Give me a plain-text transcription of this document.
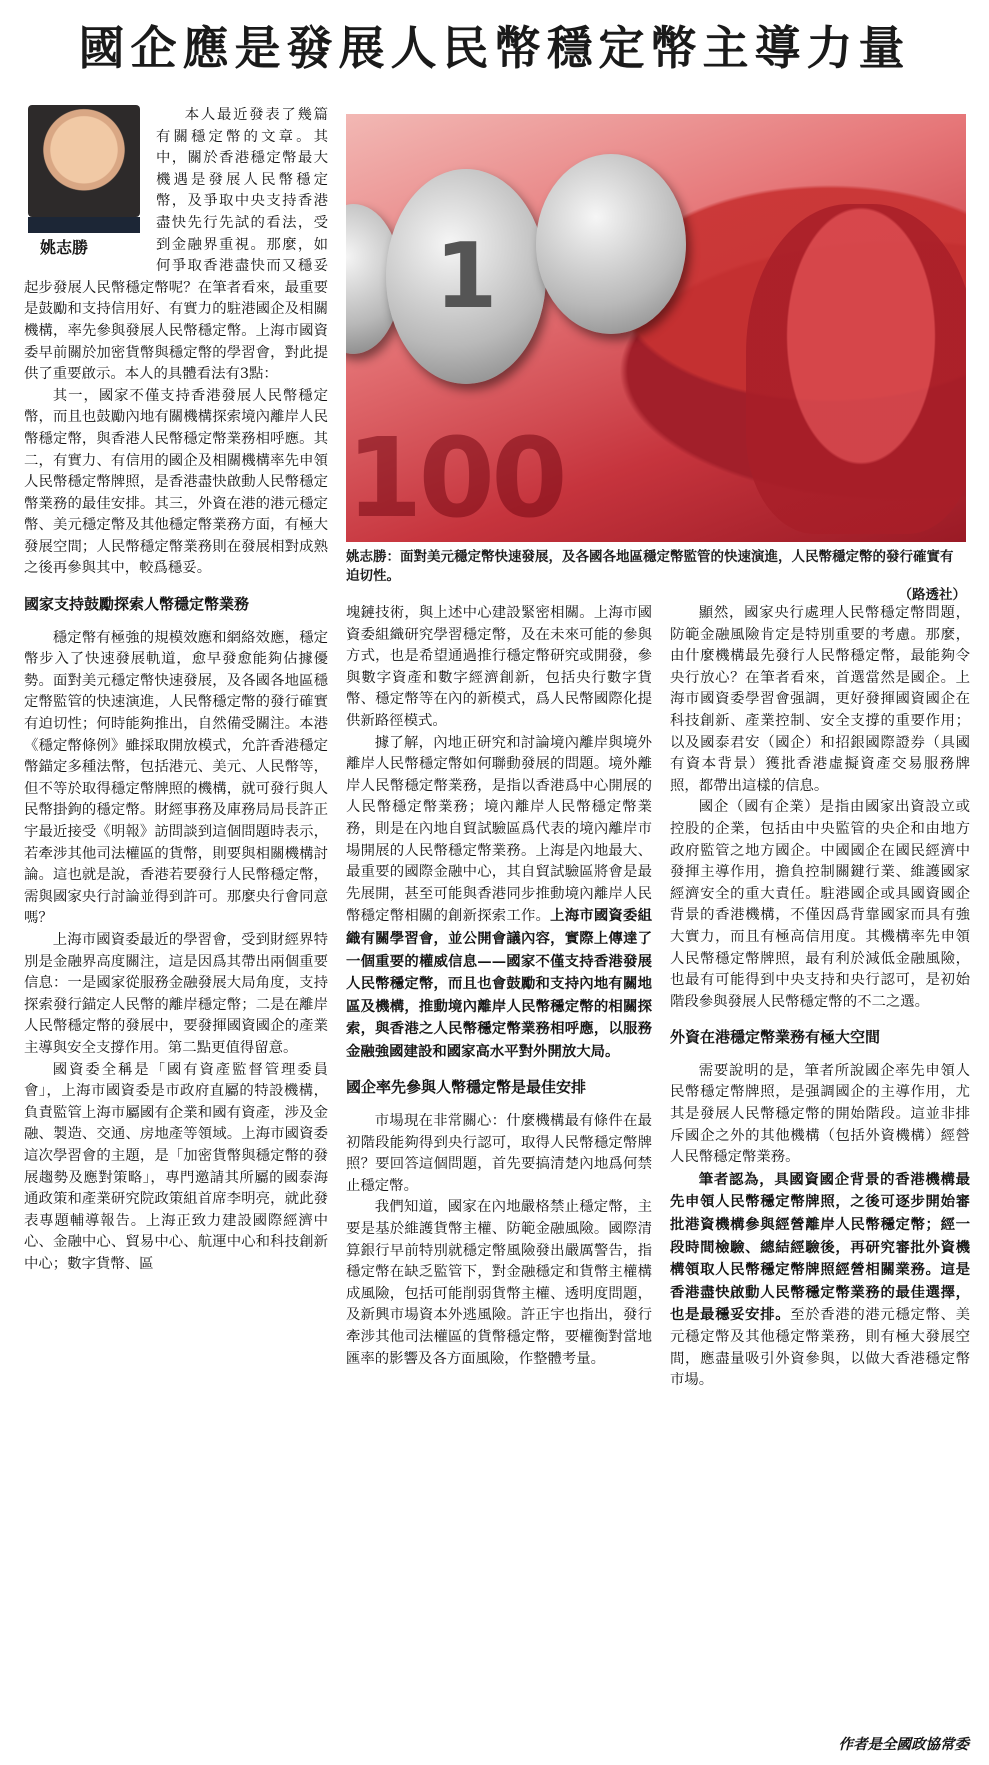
國企應是發展人民幣穩定幣主導力量
姚志勝

本人最近發表了幾篇有關穩定幣的文章。其中，關於香港穩定幣最大機遇是發展人民幣穩定幣，及爭取中央支持香港盡快先行先試的看法，受到金融界重視。那麼，如何爭取香港盡快而又穩妥起步發展人民幣穩定幣呢？在筆者看來，最重要是鼓勵和支持信用好、有實力的駐港國企及相關機構，率先參與發展人民幣穩定幣。上海市國資委早前關於加密貨幣與穩定幣的學習會，對此提供了重要啟示。本人的具體看法有3點：

其一，國家不僅支持香港發展人民幣穩定幣，而且也鼓勵內地有關機構探索境內離岸人民幣穩定幣，與香港人民幣穩定幣業務相呼應。其二，有實力、有信用的國企及相關機構率先申領人民幣穩定幣牌照，是香港盡快啟動人民幣穩定幣業務的最佳安排。其三，外資在港的港元穩定幣、美元穩定幣及其他穩定幣業務方面，有極大發展空間；人民幣穩定幣業務則在發展相對成熟之後再參與其中，較爲穩妥。

國家支持鼓勵探索人幣穩定幣業務

穩定幣有極強的規模效應和網絡效應，穩定幣步入了快速發展軌道，愈早發愈能夠佔據優勢。面對美元穩定幣快速發展，及各國各地區穩定幣監管的快速演進，人民幣穩定幣的發行確實有迫切性；何時能夠推出，自然備受關注。本港《穩定幣條例》雖採取開放模式，允許香港穩定幣錨定多種法幣，包括港元、美元、人民幣等，但不等於取得穩定幣牌照的機構，就可發行與人民幣掛鉤的穩定幣。財經事務及庫務局局長許正宇最近接受《明報》訪問談到這個問題時表示，若牽涉其他司法權區的貨幣，則要與相關機構討論。這也就是說，香港若要發行人民幣穩定幣，需與國家央行討論並得到許可。那麼央行會同意嗎？

上海市國資委最近的學習會，受到財經界特別是金融界高度關注，這是因爲其帶出兩個重要信息：一是國家從服務金融發展大局角度，支持探索發行錨定人民幣的離岸穩定幣；二是在離岸人民幣穩定幣的發展中，要發揮國資國企的產業主導與安全支撐作用。第二點更值得留意。

國資委全稱是「國有資產監督管理委員會」，上海市國資委是市政府直屬的特設機構，負責監管上海市屬國有企業和國有資產，涉及金融、製造、交通、房地產等領域。上海市國資委這次學習會的主題，是「加密貨幣與穩定幣的發展趨勢及應對策略」，專門邀請其所屬的國泰海通政策和產業研究院政策組首席李明亮，就此發表專題輔導報告。上海正致力建設國際經濟中心、金融中心、貿易中心、航運中心和科技創新中心；數字貨幣、區

100
1
姚志勝：面對美元穩定幣快速發展，及各國各地區穩定幣監管的快速演進，人民幣穩定幣的發行確實有迫切性。
（路透社）

塊鏈技術，與上述中心建設緊密相關。上海市國資委組織研究學習穩定幣，及在未來可能的參與方式，也是希望通過推行穩定幣研究或開發，參與數字資產和數字經濟創新，包括央行數字貨幣、穩定幣等在內的新模式，爲人民幣國際化提供新路徑模式。

據了解，內地正研究和討論境內離岸與境外離岸人民幣穩定幣如何聯動發展的問題。境外離岸人民幣穩定幣業務，是指以香港爲中心開展的人民幣穩定幣業務；境內離岸人民幣穩定幣業務，則是在內地自貿試驗區爲代表的境內離岸市場開展的人民幣穩定幣業務。上海是內地最大、最重要的國際金融中心，其自貿試驗區將會是最先展開，甚至可能與香港同步推動境內離岸人民幣穩定幣相關的創新探索工作。上海市國資委組織有關學習會，並公開會議內容，實際上傳達了一個重要的權威信息——國家不僅支持香港發展人民幣穩定幣，而且也會鼓勵和支持內地有關地區及機構，推動境內離岸人民幣穩定幣的相關探索，與香港之人民幣穩定幣業務相呼應，以服務金融強國建設和國家高水平對外開放大局。

國企率先參與人幣穩定幣是最佳安排

市場現在非常關心：什麼機構最有條件在最初階段能夠得到央行認可，取得人民幣穩定幣牌照？要回答這個問題，首先要搞清楚內地爲何禁止穩定幣。

我們知道，國家在內地嚴格禁止穩定幣，主要是基於維護貨幣主權、防範金融風險。國際清算銀行早前特別就穩定幣風險發出嚴厲警告，指穩定幣在缺乏監管下，對金融穩定和貨幣主權構成風險，包括可能削弱貨幣主權、透明度問題，及新興市場資本外逃風險。許正宇也指出，發行牽涉其他司法權區的貨幣穩定幣，要權衡對當地匯率的影響及各方面風險，作整體考量。

顯然，國家央行處理人民幣穩定幣問題，防範金融風險肯定是特別重要的考慮。那麼，由什麼機構最先發行人民幣穩定幣，最能夠令央行放心？在筆者看來，首選當然是國企。上海市國資委學習會强調，更好發揮國資國企在科技創新、產業控制、安全支撐的重要作用；以及國泰君安（國企）和招銀國際證券（具國有資本背景）獲批香港虛擬資產交易服務牌照，都帶出這樣的信息。

國企（國有企業）是指由國家出資設立或控股的企業，包括由中央監管的央企和由地方政府監管之地方國企。中國國企在國民經濟中發揮主導作用，擔負控制關鍵行業、維護國家經濟安全的重大責任。駐港國企或具國資國企背景的香港機構，不僅因爲背靠國家而具有強大實力，而且有極高信用度。其機構率先申領人民幣穩定幣牌照，最有利於減低金融風險，也最有可能得到中央支持和央行認可，是初始階段參與發展人民幣穩定幣的不二之選。

外資在港穩定幣業務有極大空間

需要說明的是，筆者所說國企率先申領人民幣穩定幣牌照，是强調國企的主導作用，尤其是發展人民幣穩定幣的開始階段。這並非排斥國企之外的其他機構（包括外資機構）經營人民幣穩定幣業務。

筆者認為，具國資國企背景的香港機構最先申領人民幣穩定幣牌照，之後可逐步開始審批港資機構參與經營離岸人民幣穩定幣；經一段時間檢驗、總結經驗後，再研究審批外資機構領取人民幣穩定幣牌照經營相關業務。這是香港盡快啟動人民幣穩定幣業務的最佳選擇，也是最穩妥安排。至於香港的港元穩定幣、美元穩定幣及其他穩定幣業務，則有極大發展空間，應盡量吸引外資參與，以做大香港穩定幣市場。

作者是全國政協常委
